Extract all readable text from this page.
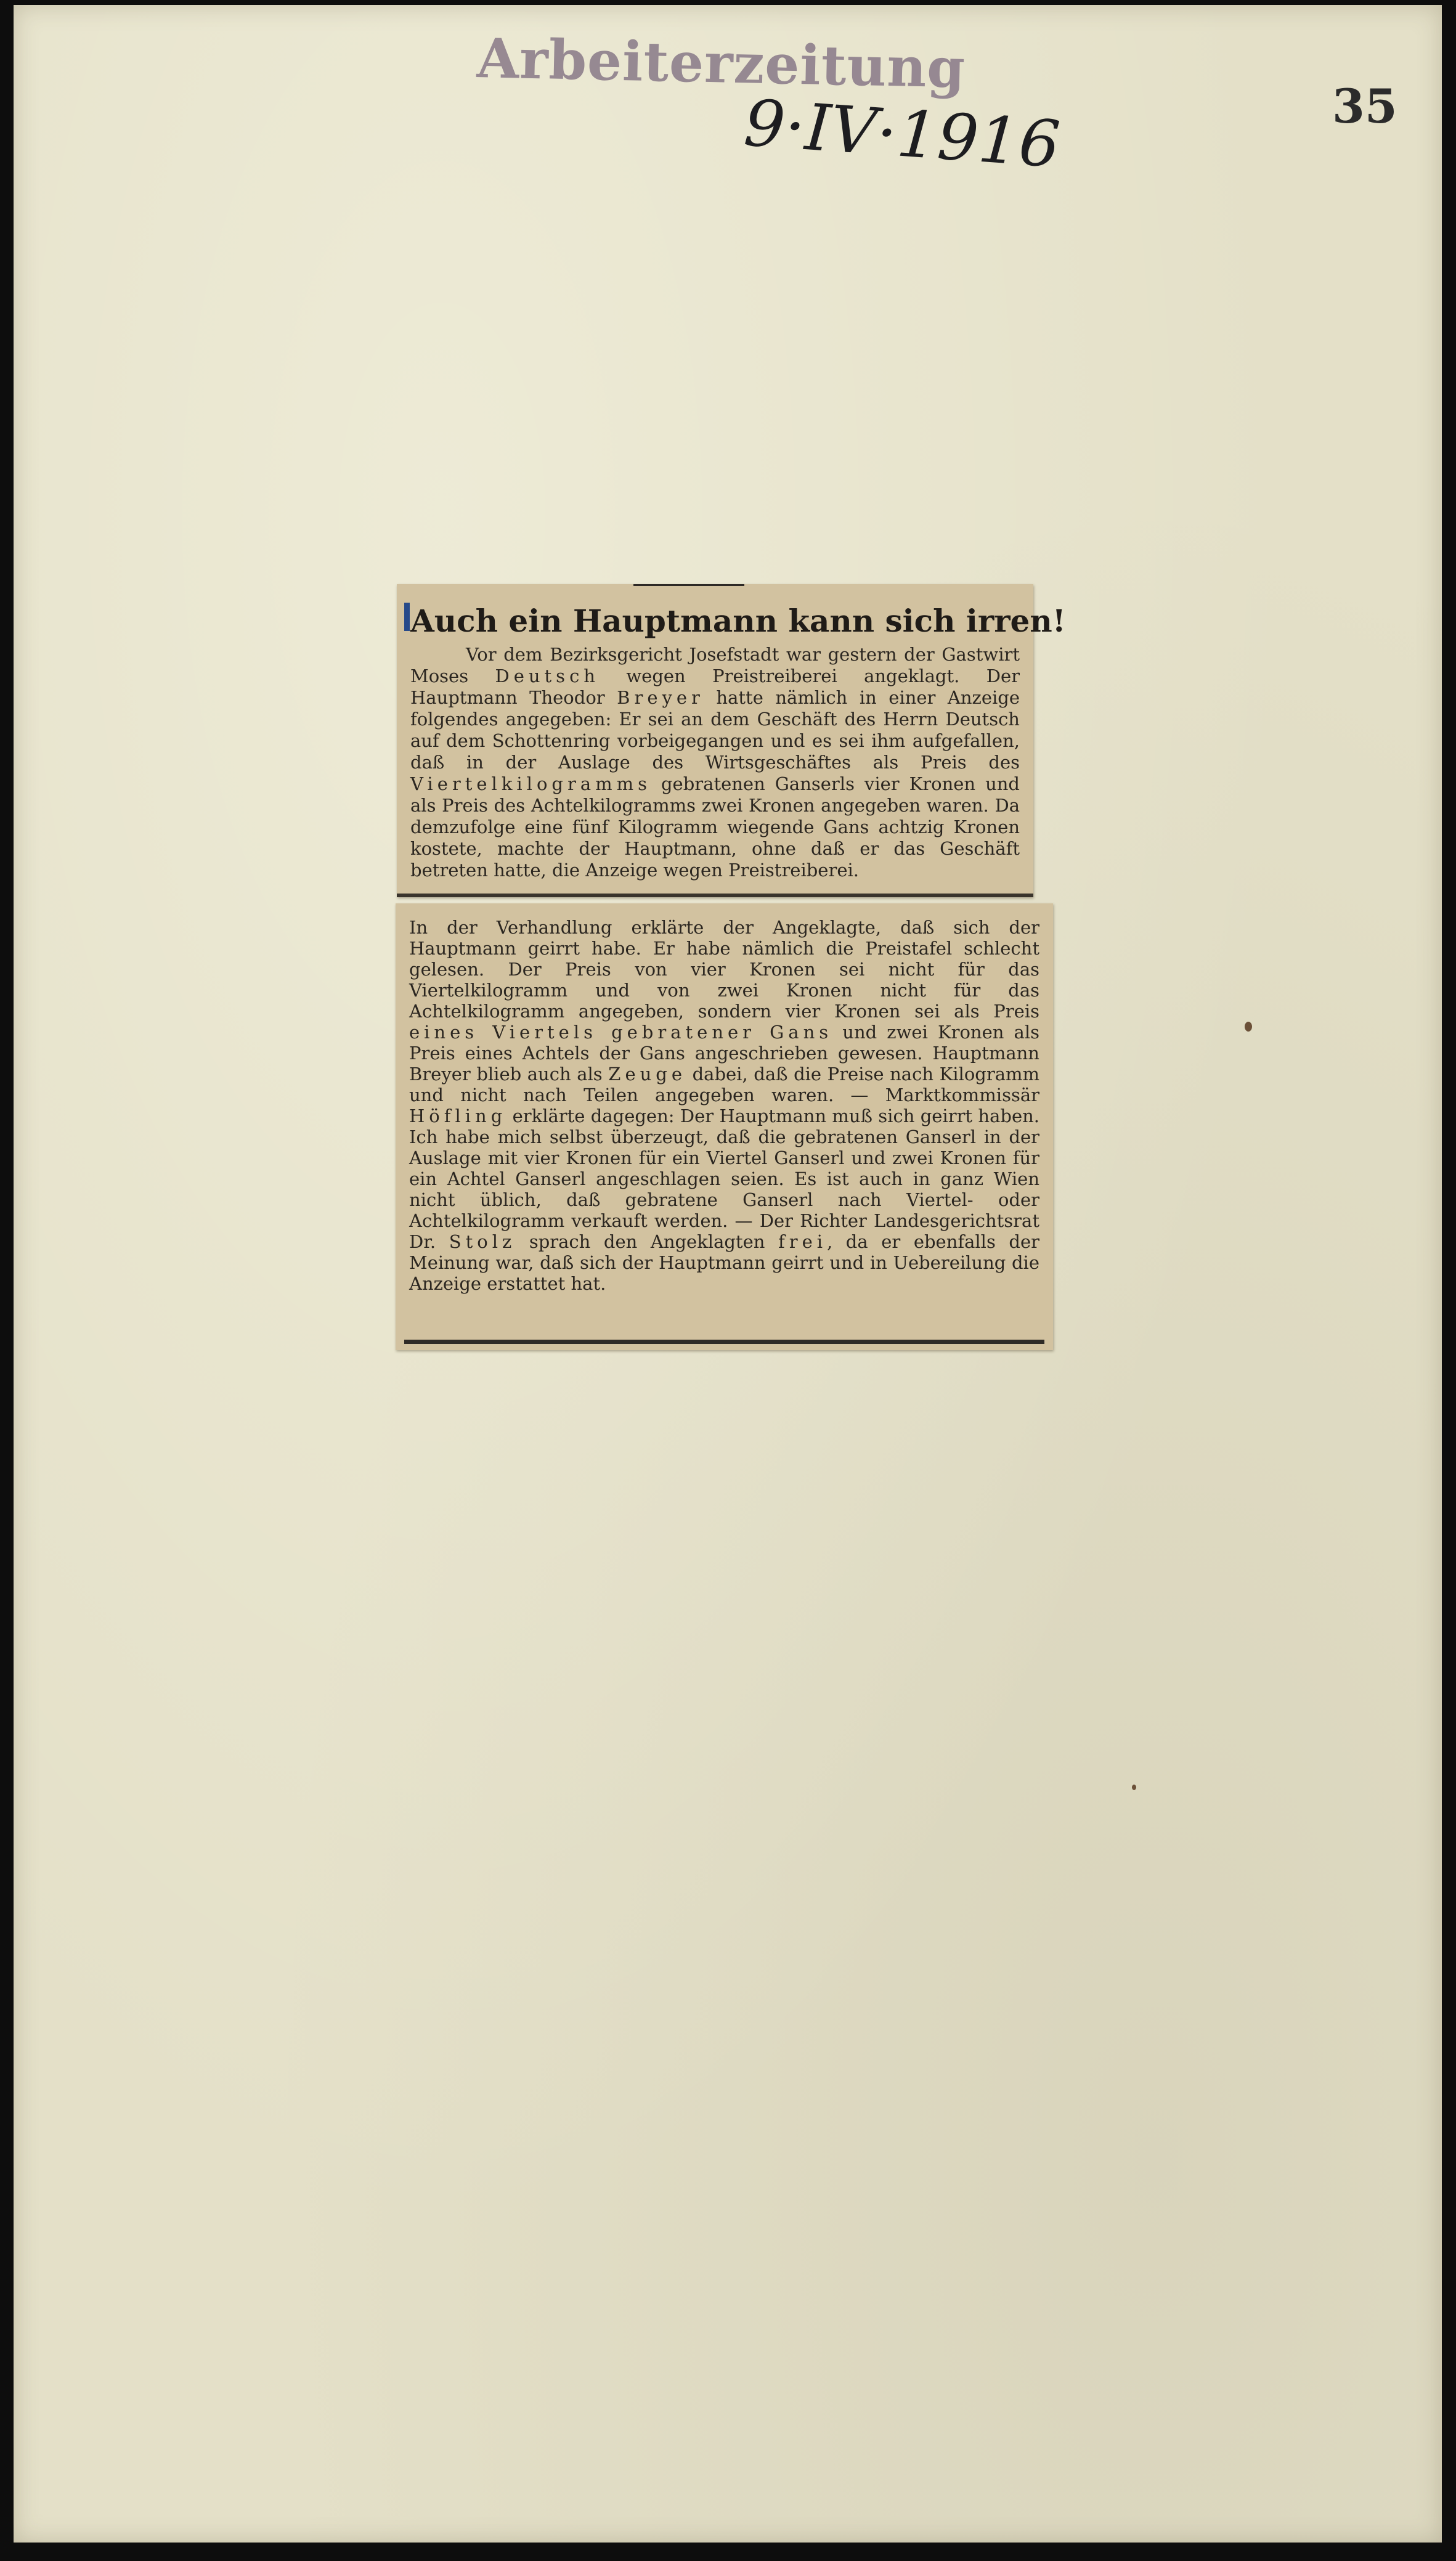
Arbeiterzeitung
9·IV·1916	35
Auch ein Hauptmann kann sich irren!
Vor dem Bezirksgericht Josefstadt war gestern der Gastwirt Moses Deutsch wegen Preistreiberei angeklagt. Der Hauptmann Theodor Breyer hatte nämlich in einer Anzeige folgendes angegeben: Er sei an dem Geschäft des Herrn Deutsch auf dem Schottenring vorbeigegangen und es sei ihm aufgefallen, daß in der Auslage des Wirtsgeschäftes als Preis des Viertelkilogramms gebratenen Ganserls vier Kronen und als Preis des Achtelkilogramms zwei Kronen angegeben waren. Da demzufolge eine fünf Kilogramm wiegende Gans achtzig Kronen kostete, machte der Hauptmann, ohne daß er das Geschäft betreten hatte, die Anzeige wegen Preistreiberei.
In der Verhandlung erklärte der Angeklagte, daß sich der Hauptmann geirrt habe. Er habe nämlich die Preistafel schlecht gelesen. Der Preis von vier Kronen sei nicht für das Viertelkilogramm und von zwei Kronen nicht für das Achtelkilogramm angegeben, sondern vier Kronen sei als Preis eines Viertels gebratener Gans und zwei Kronen als Preis eines Achtels der Gans angeschrieben gewesen. Hauptmann Breyer blieb auch als Zeuge dabei, daß die Preise nach Kilogramm und nicht nach Teilen angegeben waren. — Marktkommissär Höfling erklärte dagegen: Der Hauptmann muß sich geirrt haben. Ich habe mich selbst überzeugt, daß die gebratenen Ganserl in der Auslage mit vier Kronen für ein Viertel Ganserl und zwei Kronen für ein Achtel Ganserl angeschlagen seien. Es ist auch in ganz Wien nicht üblich, daß gebratene Ganserl nach Viertel- oder Achtelkilogramm verkauft werden. — Der Richter Landesgerichtsrat Dr. Stolz sprach den Angeklagten frei, da er ebenfalls der Meinung war, daß sich der Hauptmann geirrt und in Uebereilung die Anzeige erstattet hat.
